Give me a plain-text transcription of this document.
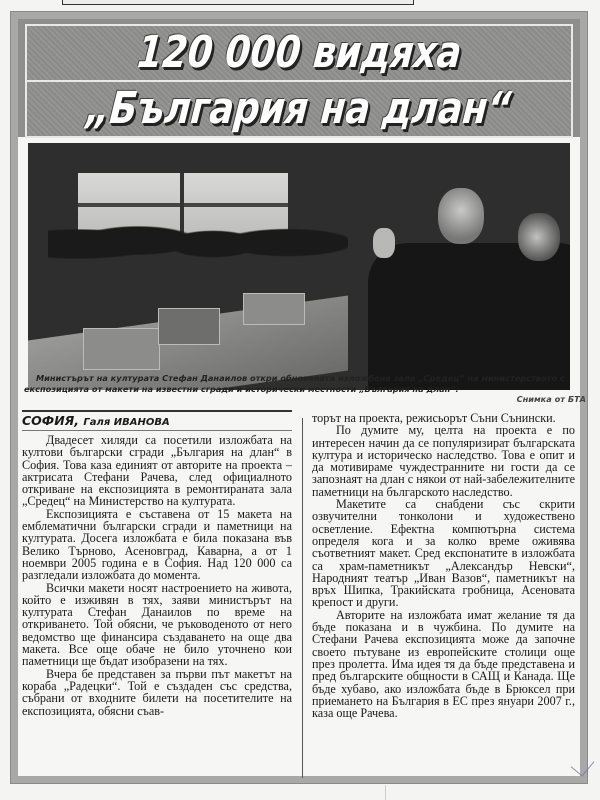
120 000 видяха
„България на длан“
Министърът на културата Стефан Данаилов откри обновената изложбена зала „Средец“ на министерството с експозицията от макети на известни сгради и исторически местности „България на длан“.
Снимка от БТА
СОФИЯ, Галя ИВАНОВА

Двадесет хиляди са посетили изложбата на култови български сгради „България на длан“ в София. Това каза единият от авторите на проекта – актрисата Стефани Рачева, след официалното откриване на експозицията в ремонтираната зала „Средец“ на Министерство на културата.

Експозицията е съставена от 15 макета на емблематични български сгради и паметници на културата. Досега изложбата е била показана във Велико Търново, Асеновград, Каварна, а от 1 ноември 2005 година е в София. Над 120 000 са разгледали изложбата до момента.

Всички макети носят настроението на живота, който е изживян в тях, заяви министърът на културата Стефан Данаилов по време на откриването. Той обясни, че ръководеното от него ведомство ще финансира създаването на още два макета. Все още обаче не било уточнено кои паметници ще бъдат изобразени на тях.

Вчера бе представен за първи път макетът на кораба „Радецки“. Той е създаден със средства, събрани от входните билети на посетителите на експозицията, обясни съав-

торът на проекта, режисьорът Съни Сънински.

По думите му, целта на проекта е по интересен начин да се популяризират българската култура и историческо наследство. Това е опит и да мотивираме чуждестранните ни гости да се запознаят на длан с някои от най-забележителните паметници на българското наследство.

Макетите са снабдени със скрити озвучителни тонколони и художествено осветление. Ефектна компютърна система определя кога и за колко време оживява съответният макет. Сред експонатите в изложбата са храм-паметникът „Александър Невски“, Народният театър „Иван Вазов“, паметникът на връх Шипка, Тракийската гробница, Асеновата крепост и други.

Авторите на изложбата имат желание тя да бъде показана и в чужбина. По думите на Стефани Рачева експозицията може да започне своето пътуване из европейските столици още през пролетта. Има идея тя да бъде представена и пред българските общности в САЩ и Канада. Ще бъде хубаво, ако изложбата бъде в Брюксел при приемането на България в ЕС през януари 2007 г., каза още Рачева.
